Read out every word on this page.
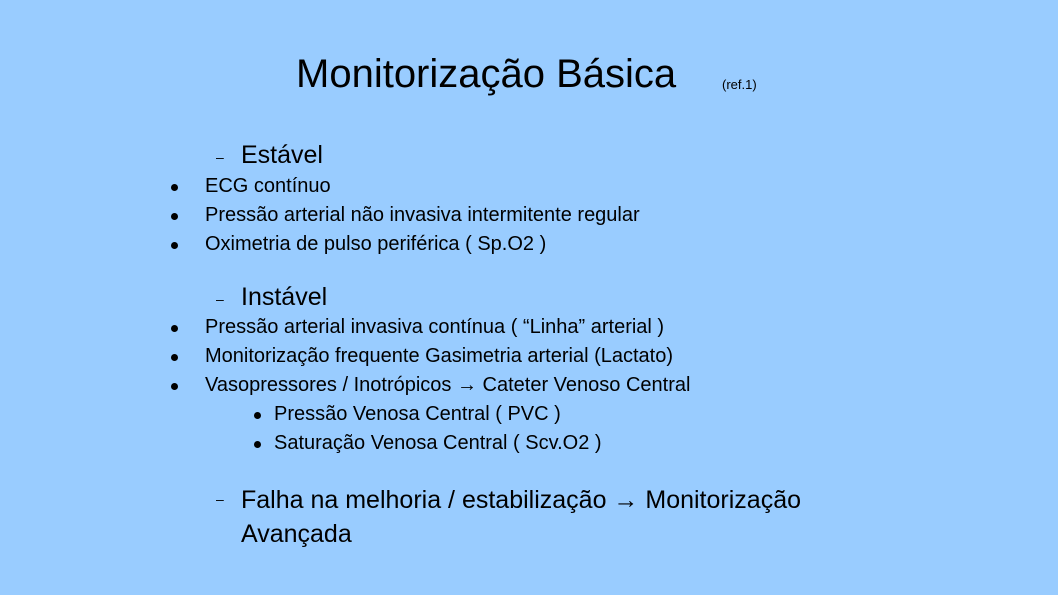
Monitorização Básica	(ref.1)
– Estável
ECG contínuo
Pressão arterial não invasiva intermitente regular
Oximetria de pulso periférica ( Sp.O2 )
– Instável
Pressão arterial invasiva contínua ( “Linha” arterial )
Monitorização frequente Gasimetria arterial (Lactato)
Vasopressores / Inotrópicos → Cateter Venoso Central
Pressão Venosa Central ( PVC )
Saturação Venosa Central ( Scv.O2 )
– Falha na melhoria / estabilização → Monitorização
Avançada
